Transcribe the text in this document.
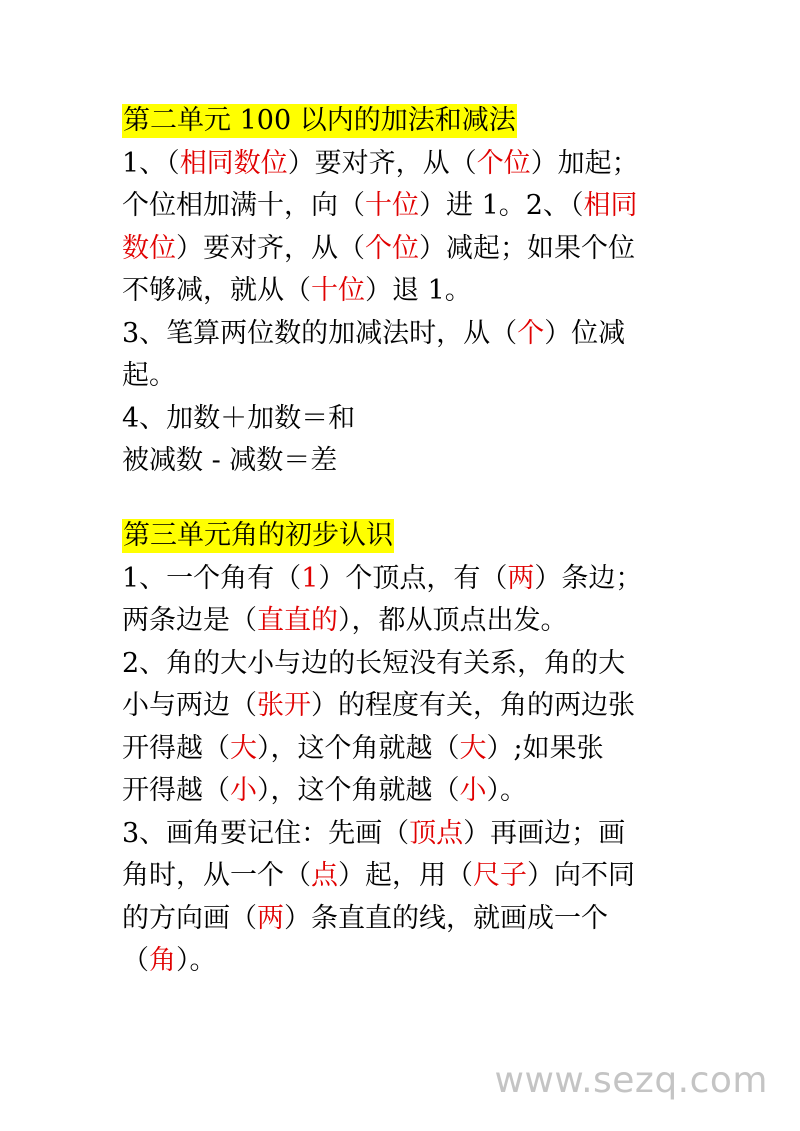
第二单元 100 以内的加法和减法
1、（相同数位）要对齐，从（个位）加起；
个位相加满十，向（十位）进 1。2、（相同
数位）要对齐，从（个位）减起；如果个位
不够减，就从（十位）退 1。
3、笔算两位数的加减法时，从（个）位减
起。
4、加数＋加数＝和
被减数 - 减数＝差
第三单元角的初步认识
1、一个角有（1）个顶点，有（两）条边；
两条边是（直直的），都从顶点出发。
2、角的大小与边的长短没有关系，角的大
小与两边（张开）的程度有关，角的两边张
开得越（大），这个角就越（大）;如果张
开得越（小），这个角就越（小）。
3、画角要记住：先画（顶点）再画边；画
角时，从一个（点）起，用（尺子）向不同
的方向画（两）条直直的线，就画成一个
（角）。
www.sezq.com
